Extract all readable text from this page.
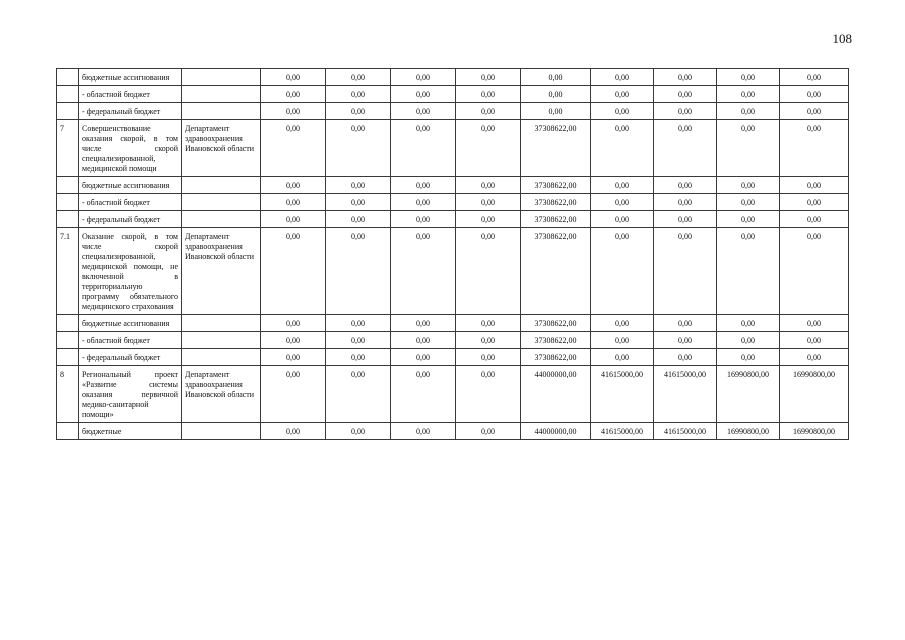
108
	бюджетные ассигнования		0,00	0,00	0,00	0,00	0,00	0,00	0,00	0,00	0,00
	- областной бюджет		0,00	0,00	0,00	0,00	0,00	0,00	0,00	0,00	0,00
	- федеральный бюджет		0,00	0,00	0,00	0,00	0,00	0,00	0,00	0,00	0,00
7	Совершенствование оказания скорой, в том числе скорой специализированной, медицинской помощи	Департамент здравоохранения Ивановской области	0,00	0,00	0,00	0,00	37308622,00	0,00	0,00	0,00	0,00
	бюджетные ассигнования		0,00	0,00	0,00	0,00	37308622,00	0,00	0,00	0,00	0,00
	- областной бюджет		0,00	0,00	0,00	0,00	37308622,00	0,00	0,00	0,00	0,00
	- федеральный бюджет		0,00	0,00	0,00	0,00	37308622,00	0,00	0,00	0,00	0,00
7.1	Оказание скорой, в том числе скорой специализированной, медицинской помощи, не включенной в территориальную программу обязательного медицинского страхования	Департамент здравоохранения Ивановской области	0,00	0,00	0,00	0,00	37308622,00	0,00	0,00	0,00	0,00
	бюджетные ассигнования		0,00	0,00	0,00	0,00	37308622,00	0,00	0,00	0,00	0,00
	- областной бюджет		0,00	0,00	0,00	0,00	37308622,00	0,00	0,00	0,00	0,00
	- федеральный бюджет		0,00	0,00	0,00	0,00	37308622,00	0,00	0,00	0,00	0,00
8	Региональный проект «Развитие системы оказания первичной медико-санитарной помощи»	Департамент здравоохранения Ивановской области	0,00	0,00	0,00	0,00	44000000,00	41615000,00	41615000,00	16990800,00	16990800,00
	бюджетные		0,00	0,00	0,00	0,00	44000000,00	41615000,00	41615000,00	16990800,00	16990800,00
